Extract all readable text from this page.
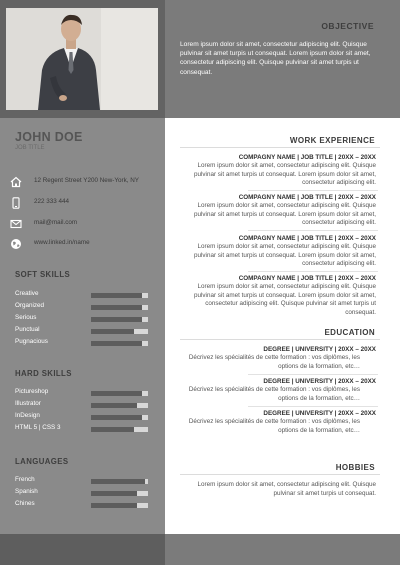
OBJECTIVE
Lorem ipsum dolor sit amet, consectetur adipiscing elit. Quisque pulvinar sit amet turpis ut consequat. Lorem ipsum dolor sit amet, consectetur adipiscing elit. Quisque pulvinar sit amet turpis ut consequat.
JOHN DOE
JOB TITLE
12 Regent Street Y200 New-York, NY
222 333 444
mail@mail.com
www.linked.in/name
SOFT SKILLS
Creative
Organized
Serious
Punctual
Pugnacious
HARD SKILLS
Pictureshop
Illustrator
InDesign
HTML 5 | CSS 3
LANGUAGES
French
Spanish
Chines
WORK EXPERIENCE
COMPAGNY NAME | JOB TITLE | 20XX – 20XX
Lorem ipsum dolor sit amet, consectetur adipiscing elit. Quisque pulvinar sit amet turpis ut consequat. Lorem ipsum dolor sit amet, consectetur adipiscing elit.
COMPAGNY NAME | JOB TITLE | 20XX – 20XX
Lorem ipsum dolor sit amet, consectetur adipiscing elit. Quisque pulvinar sit amet turpis ut consequat. Lorem ipsum dolor sit amet, consectetur adipiscing elit.
COMPAGNY NAME | JOB TITLE | 20XX – 20XX
Lorem ipsum dolor sit amet, consectetur adipiscing elit. Quisque pulvinar sit amet turpis ut consequat. Lorem ipsum dolor sit amet, consectetur adipiscing elit.
COMPAGNY NAME | JOB TITLE | 20XX – 20XX
Lorem ipsum dolor sit amet, consectetur adipiscing elit. Quisque pulvinar sit amet turpis ut consequat. Lorem ipsum dolor sit amet, consectetur adipiscing elit. Quisque pulvinar sit amet turpis ut consequat.
EDUCATION
DEGREE | UNIVERSITY | 20XX – 20XX
Décrivez les spécialités de cette formation : vos diplômes, les options de la formation, etc…
DEGREE | UNIVERSITY | 20XX – 20XX
Décrivez les spécialités de cette formation : vos diplômes, les options de la formation, etc…
DEGREE | UNIVERSITY | 20XX – 20XX
Décrivez les spécialités de cette formation : vos diplômes, les options de la formation, etc…
HOBBIES
Lorem ipsum dolor sit amet, consectetur adipiscing elit. Quisque pulvinar sit amet turpis ut consequat.
